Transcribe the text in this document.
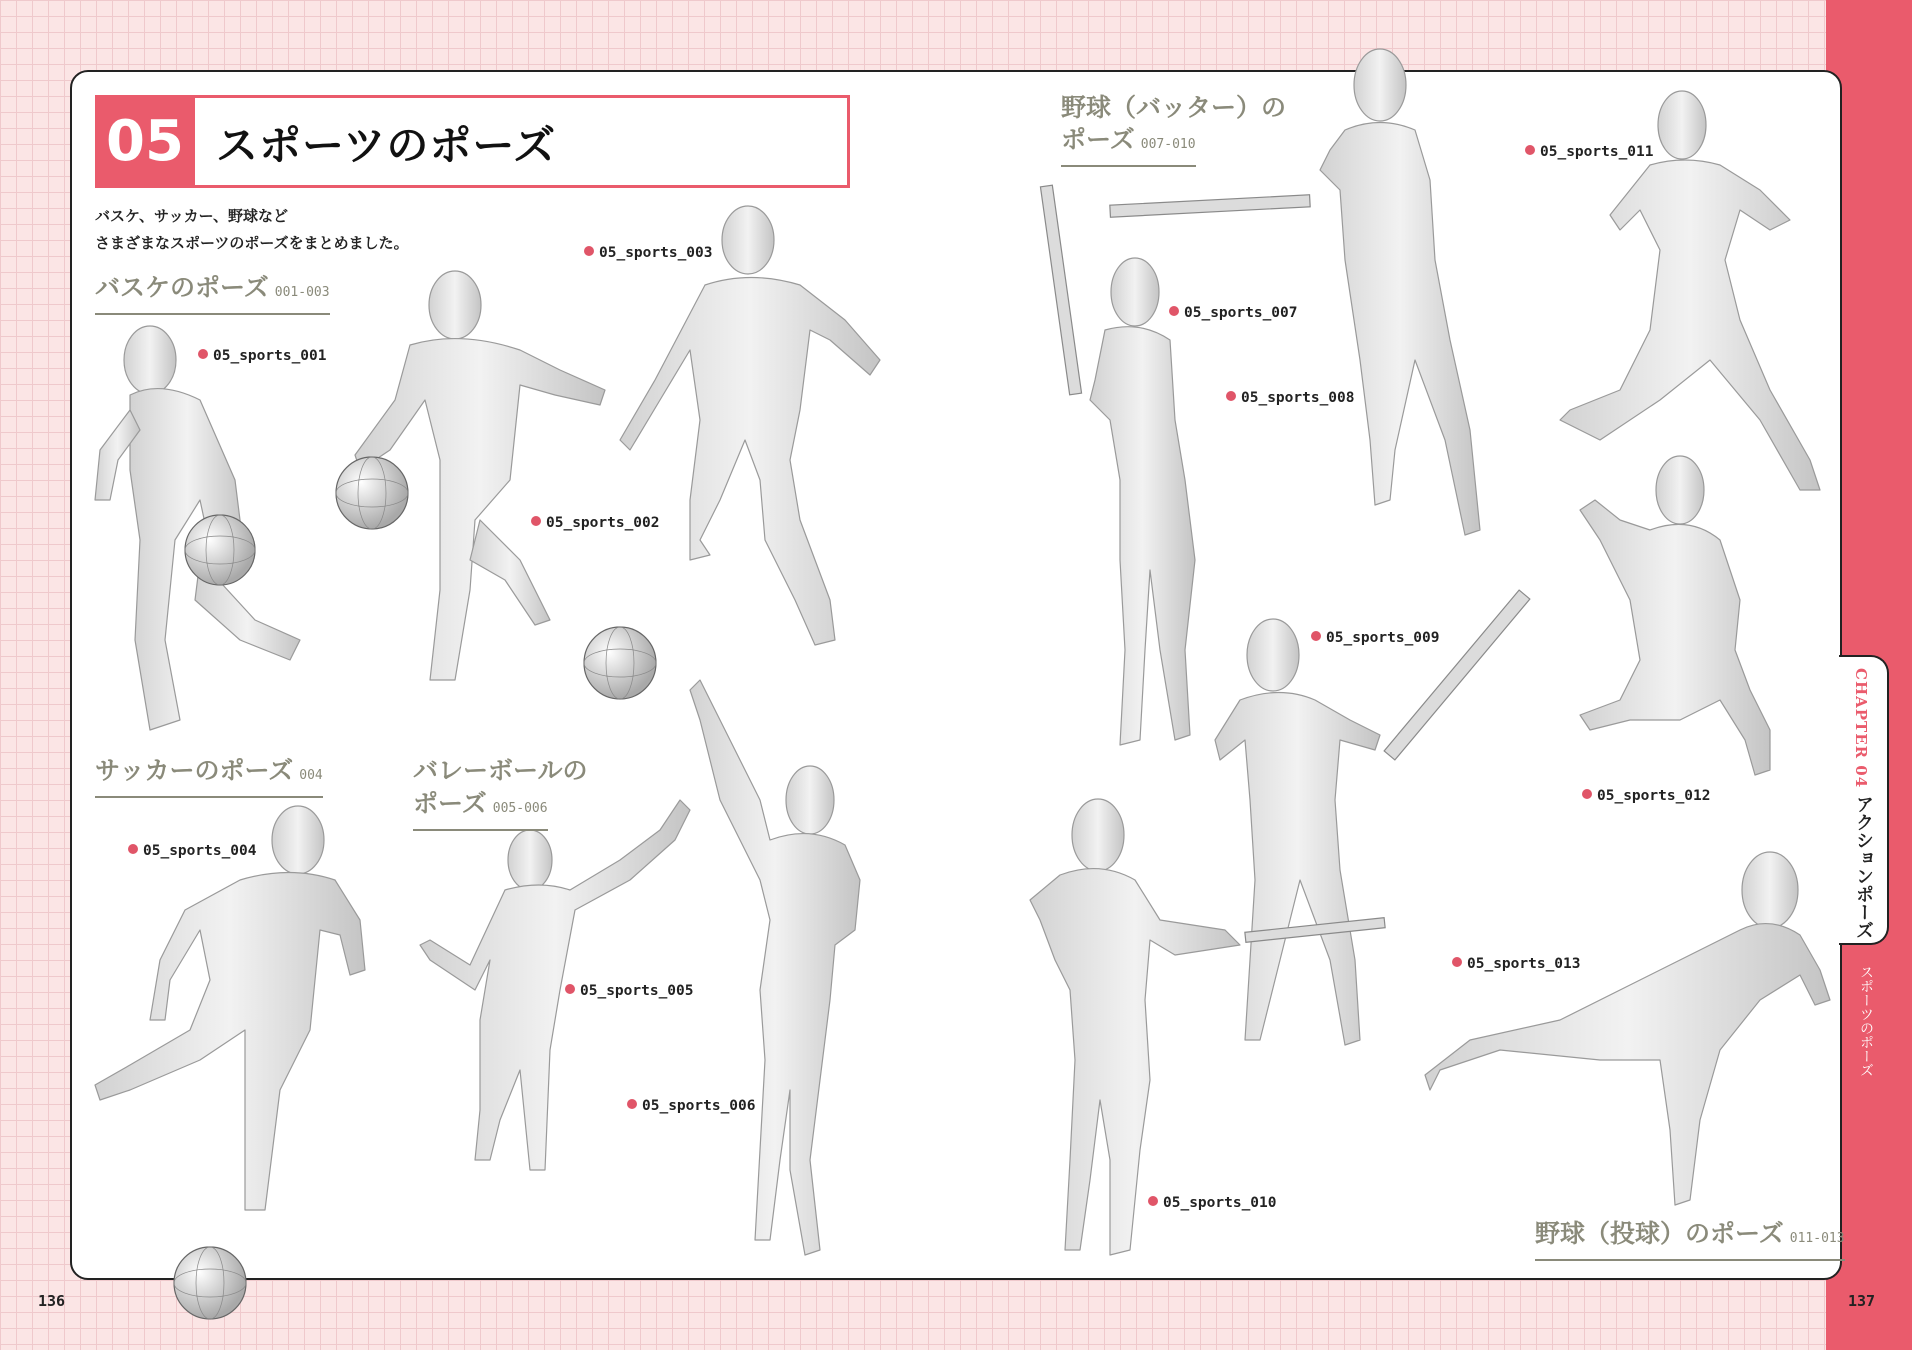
05 スポーツのポーズ
バスケ、サッカー、野球など
さまざまなスポーツのポーズをまとめました。
バスケのポーズ 001-003
サッカーのポーズ 004	バレーボールの
ポーズ 005-006
野球（バッター）の
ポーズ 007-010
野球（投球）のポーズ 011-013
05_sports_001
05_sports_002
05_sports_003
05_sports_004
05_sports_005
05_sports_006
05_sports_007
05_sports_008
05_sports_009
05_sports_010
05_sports_011
05_sports_012
05_sports_013
CHAPTER 04
アクションポーズ
スポーツのポーズ
136	137
